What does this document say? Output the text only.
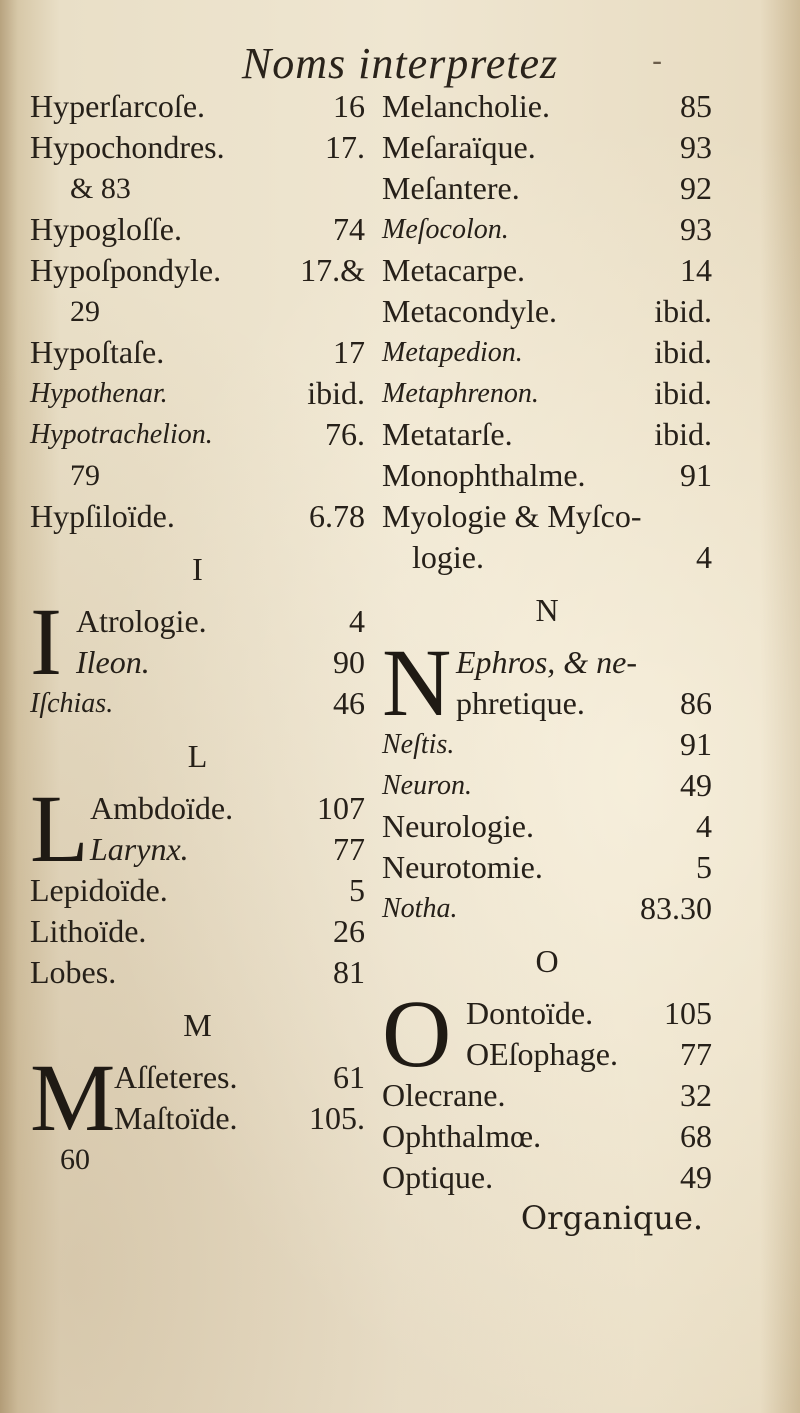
Noms interpretez	-
Hyperſarcoſe.	16
Hypochondres.	17.
& 83
Hypogloſſe.	74
Hypoſpondyle. 17.&
29
Hypoſtaſe.	17
Hypothenar.	ibid.
Hypotrachelion.	76.
79
Hypſiloïde.	6.78
I
I Atrologie.	4
Ileon.	90
Iſchias.	46
L
L Ambdoïde.	107
Larynx.	77
Lepidoïde.	5
Lithoïde.	26
Lobes.	81
M
M
Aſſeteres.	61
Maſtoïde. 105.
60
Melancholie.	85
Meſaraïque.	93
Meſantere.	92
Meſocolon.	93
Metacarpe.	14
Metacondyle.	ibid.
Metapedion.	ibid.
Metaphrenon.	ibid.
Metatarſe.	ibid.
Monophthalme.	91
Myologie & Myſco-
logie.	4
N
N Ephros, & ne-
phretique.	86
Neſtis.	91
Neuron.	49
Neurologie.	4
Neurotomie.	5
Notha.	83.30
O
O Dontoïde. 105
OEſophage. 77
Olecrane.	32
Ophthalmœ.	68
Optique.	49
Organique.
